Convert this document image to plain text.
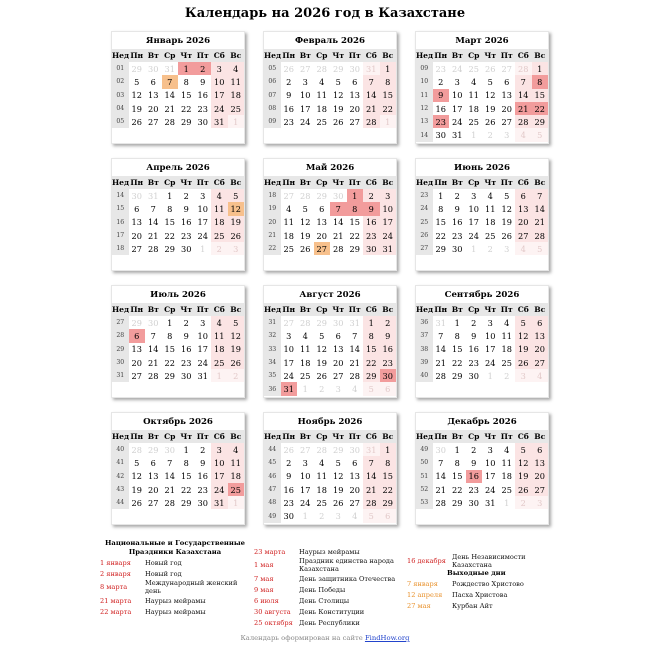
Календарь на 2026 год в Казахстане
Январь 2026
Нед	Пн	Вт	Ср	Чт	Пт	Сб	Вс
01	29	30	31	1	2	3	4
02	5	6	7	8	9	10	11
03	12	13	14	15	16	17	18
04	19	20	21	22	23	24	25
05	26	27	28	29	30	31	1
Февраль 2026
Нед	Пн	Вт	Ср	Чт	Пт	Сб	Вс
05	26	27	28	29	30	31	1
06	2	3	4	5	6	7	8
07	9	10	11	12	13	14	15
08	16	17	18	19	20	21	22
09	23	24	25	26	27	28	1
Март 2026
Нед	Пн	Вт	Ср	Чт	Пт	Сб	Вс
09	23	24	25	26	27	28	1
10	2	3	4	5	6	7	8
11	9	10	11	12	13	14	15
12	16	17	18	19	20	21	22
13	23	24	25	26	27	28	29
14	30	31	1	2	3	4	5
Апрель 2026
Нед	Пн	Вт	Ср	Чт	Пт	Сб	Вс
14	30	31	1	2	3	4	5
15	6	7	8	9	10	11	12
16	13	14	15	16	17	18	19
17	20	21	22	23	24	25	26
18	27	28	29	30	1	2	3
Май 2026
Нед	Пн	Вт	Ср	Чт	Пт	Сб	Вс
18	27	28	29	30	1	2	3
19	4	5	6	7	8	9	10
20	11	12	13	14	15	16	17
21	18	19	20	21	22	23	24
22	25	26	27	28	29	30	31
Июнь 2026
Нед	Пн	Вт	Ср	Чт	Пт	Сб	Вс
23	1	2	3	4	5	6	7
24	8	9	10	11	12	13	14
25	15	16	17	18	19	20	21
26	22	23	24	25	26	27	28
27	29	30	1	2	3	4	5
Июль 2026
Нед	Пн	Вт	Ср	Чт	Пт	Сб	Вс
27	29	30	1	2	3	4	5
28	6	7	8	9	10	11	12
29	13	14	15	16	17	18	19
30	20	21	22	23	24	25	26
31	27	28	29	30	31	1	2
Август 2026
Нед	Пн	Вт	Ср	Чт	Пт	Сб	Вс
31	27	28	29	30	31	1	2
32	3	4	5	6	7	8	9
33	10	11	12	13	14	15	16
34	17	18	19	20	21	22	23
35	24	25	26	27	28	29	30
36	31	1	2	3	4	5	6
Сентябрь 2026
Нед	Пн	Вт	Ср	Чт	Пт	Сб	Вс
36	31	1	2	3	4	5	6
37	7	8	9	10	11	12	13
38	14	15	16	17	18	19	20
39	21	22	23	24	25	26	27
40	28	29	30	1	2	3	4
Октябрь 2026
Нед	Пн	Вт	Ср	Чт	Пт	Сб	Вс
40	28	29	30	1	2	3	4
41	5	6	7	8	9	10	11
42	12	13	14	15	16	17	18
43	19	20	21	22	23	24	25
44	26	27	28	29	30	31	1
Ноябрь 2026
Нед	Пн	Вт	Ср	Чт	Пт	Сб	Вс
44	26	27	28	29	30	31	1
45	2	3	4	5	6	7	8
46	9	10	11	12	13	14	15
47	16	17	18	19	20	21	22
48	23	24	25	26	27	28	29
49	30	1	2	3	4	5	6
Декабрь 2026
Нед	Пн	Вт	Ср	Чт	Пт	Сб	Вс
49	30	1	2	3	4	5	6
50	7	8	9	10	11	12	13
51	14	15	16	17	18	19	20
52	21	22	23	24	25	26	27
53	28	29	30	31	1	2	3
Национальные и Государственные Праздники Казахстана
1 января	Новый год
2 января	Новый год
8 марта	Международный женский день
21 марта	Наурыз мейрамы
22 марта	Наурыз мейрамы
23 марта	Наурыз мейрамы
1 мая	Праздник единства народа Казахстана
7 мая	День защитника Отечества
9 мая	День Победы
6 июля	День Столицы
30 августа	День Конституции
25 октября День Республики
16 декабря День Независимости Казахстана
Выходные дни
7 января	Рождество Христово
12 апреля	Пасха Христова
27 мая	Курбан Айт
Календарь оформирован на сайте FindHow.org
